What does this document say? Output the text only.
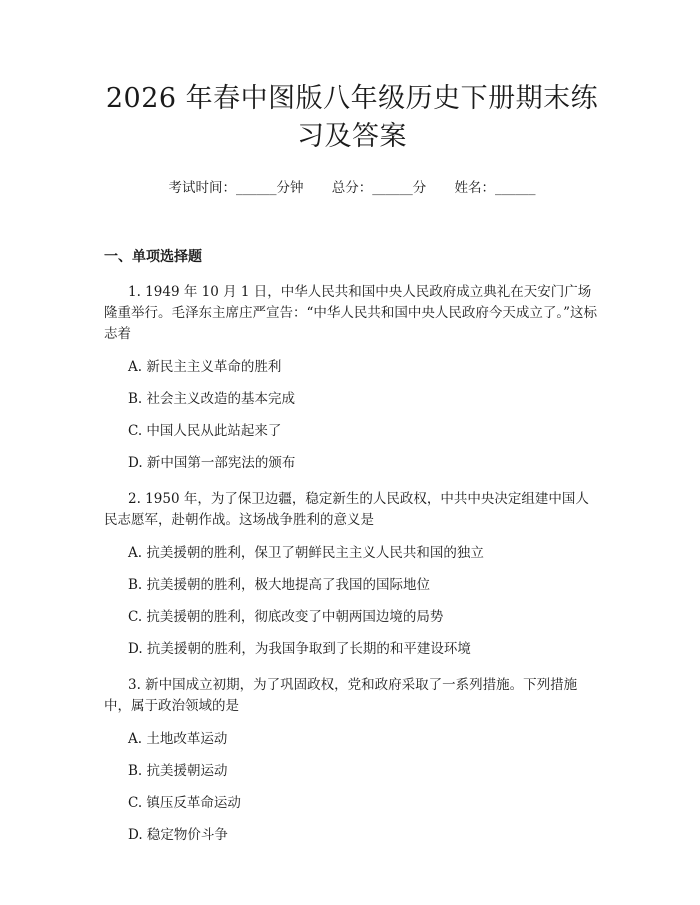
2026 年春中图版八年级历史下册期末练习及答案
考试时间：______分钟 总分：______分 姓名：______
一、单项选择题
1. 1949 年 10 月 1 日，中华人民共和国中央人民政府成立典礼在天安门广场隆重举行。毛泽东主席庄严宣告：“中华人民共和国中央人民政府今天成立了。”这标志着
A. 新民主主义革命的胜利
B. 社会主义改造的基本完成
C. 中国人民从此站起来了
D. 新中国第一部宪法的颁布
2. 1950 年，为了保卫边疆，稳定新生的人民政权，中共中央决定组建中国人民志愿军，赴朝作战。这场战争胜利的意义是
A. 抗美援朝的胜利，保卫了朝鲜民主主义人民共和国的独立
B. 抗美援朝的胜利，极大地提高了我国的国际地位
C. 抗美援朝的胜利，彻底改变了中朝两国边境的局势
D. 抗美援朝的胜利，为我国争取到了长期的和平建设环境
3. 新中国成立初期，为了巩固政权，党和政府采取了一系列措施。下列措施中，属于政治领域的是
A. 土地改革运动
B. 抗美援朝运动
C. 镇压反革命运动
D. 稳定物价斗争
